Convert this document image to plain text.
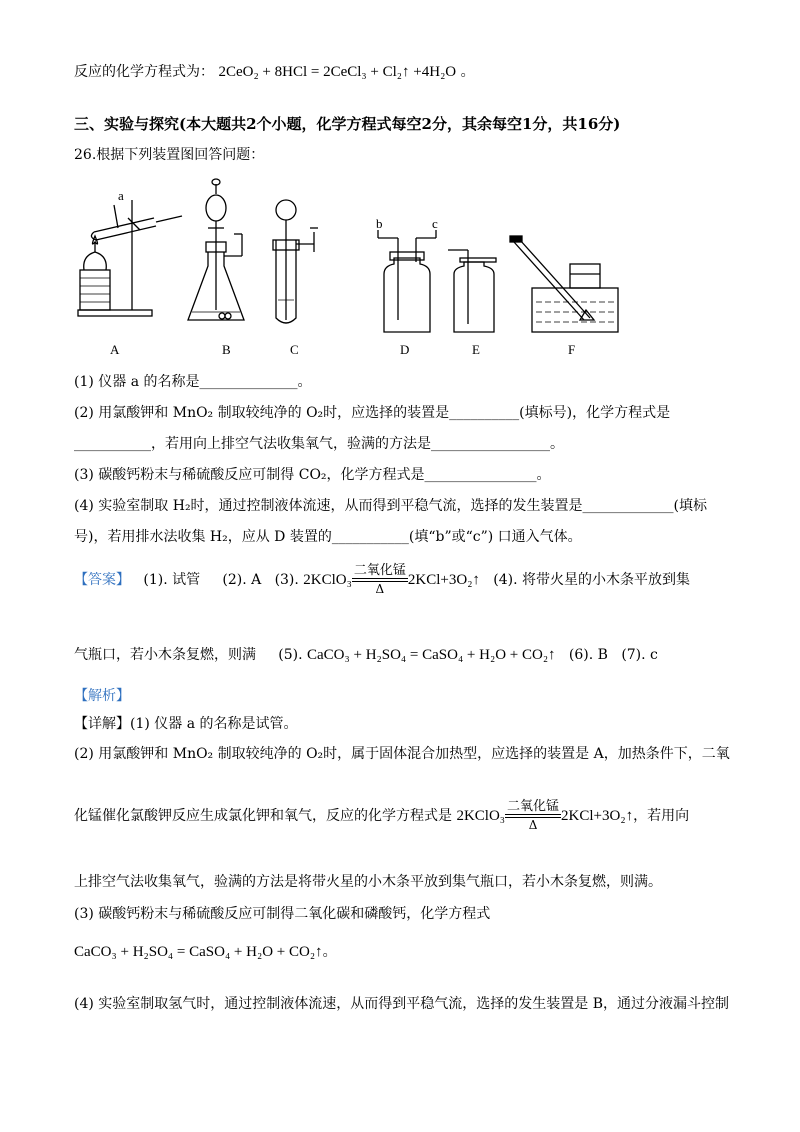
反应的化学方程式为： 2CeO₂ + 8HCl = 2CeCl₃ + Cl₂↑ +4H₂O 。
三、实验与探究(本大题共2个小题，化学方程式每空2分，其余每空1分，共16分)
26.根据下列装置图回答问题：
a
b	c
A	B	C	D	E	F
(1) 仪器 a 的名称是______________。
(2) 用氯酸钾和 MnO₂ 制取较纯净的 O₂时，应选择的装置是__________(填标号)，化学方程式是
___________，若用向上排空气法收集氧气，验满的方法是_________________。
(3) 碳酸钙粉末与稀硫酸反应可制得 CO₂，化学方程式是________________。
(4) 实验室制取 H₂时，通过控制液体流速，从而得到平稳气流，选择的发生装置是_____________(填标
号)，若用排水法收集 H₂，应从 D 装置的___________(填“b”或“c”) 口通入气体。
【答案】 (1). 试管 (2). A (3). 2KClO₃ $\frac{\text{二氧化锰}}{\Delta}$ 2KCl+3O₂↑ (4). 将带火星的小木条平放到集
气瓶口，若小木条复燃，则满 (5). CaCO₃ + H₂SO₄ = CaSO₄ + H₂O + CO₂↑ (6). B (7). c
【解析】
【详解】(1) 仪器 a 的名称是试管。
(2) 用氯酸钾和 MnO₂ 制取较纯净的 O₂时，属于固体混合加热型，应选择的装置是 A，加热条件下，二氧
化锰催化氯酸钾反应生成氯化钾和氧气，反应的化学方程式是 2KClO₃ $\frac{\text{二氧化锰}}{\Delta}$ 2KCl+3O₂↑，若用向
上排空气法收集氧气，验满的方法是将带火星的小木条平放到集气瓶口，若小木条复燃，则满。
(3) 碳酸钙粉末与稀硫酸反应可制得二氧化碳和磷酸钙，化学方程式
CaCO₃ + H₂SO₄ = CaSO₄ + H₂O + CO₂↑。
(4) 实验室制取氢气时，通过控制液体流速，从而得到平稳气流，选择的发生装置是 B，通过分液漏斗控制
